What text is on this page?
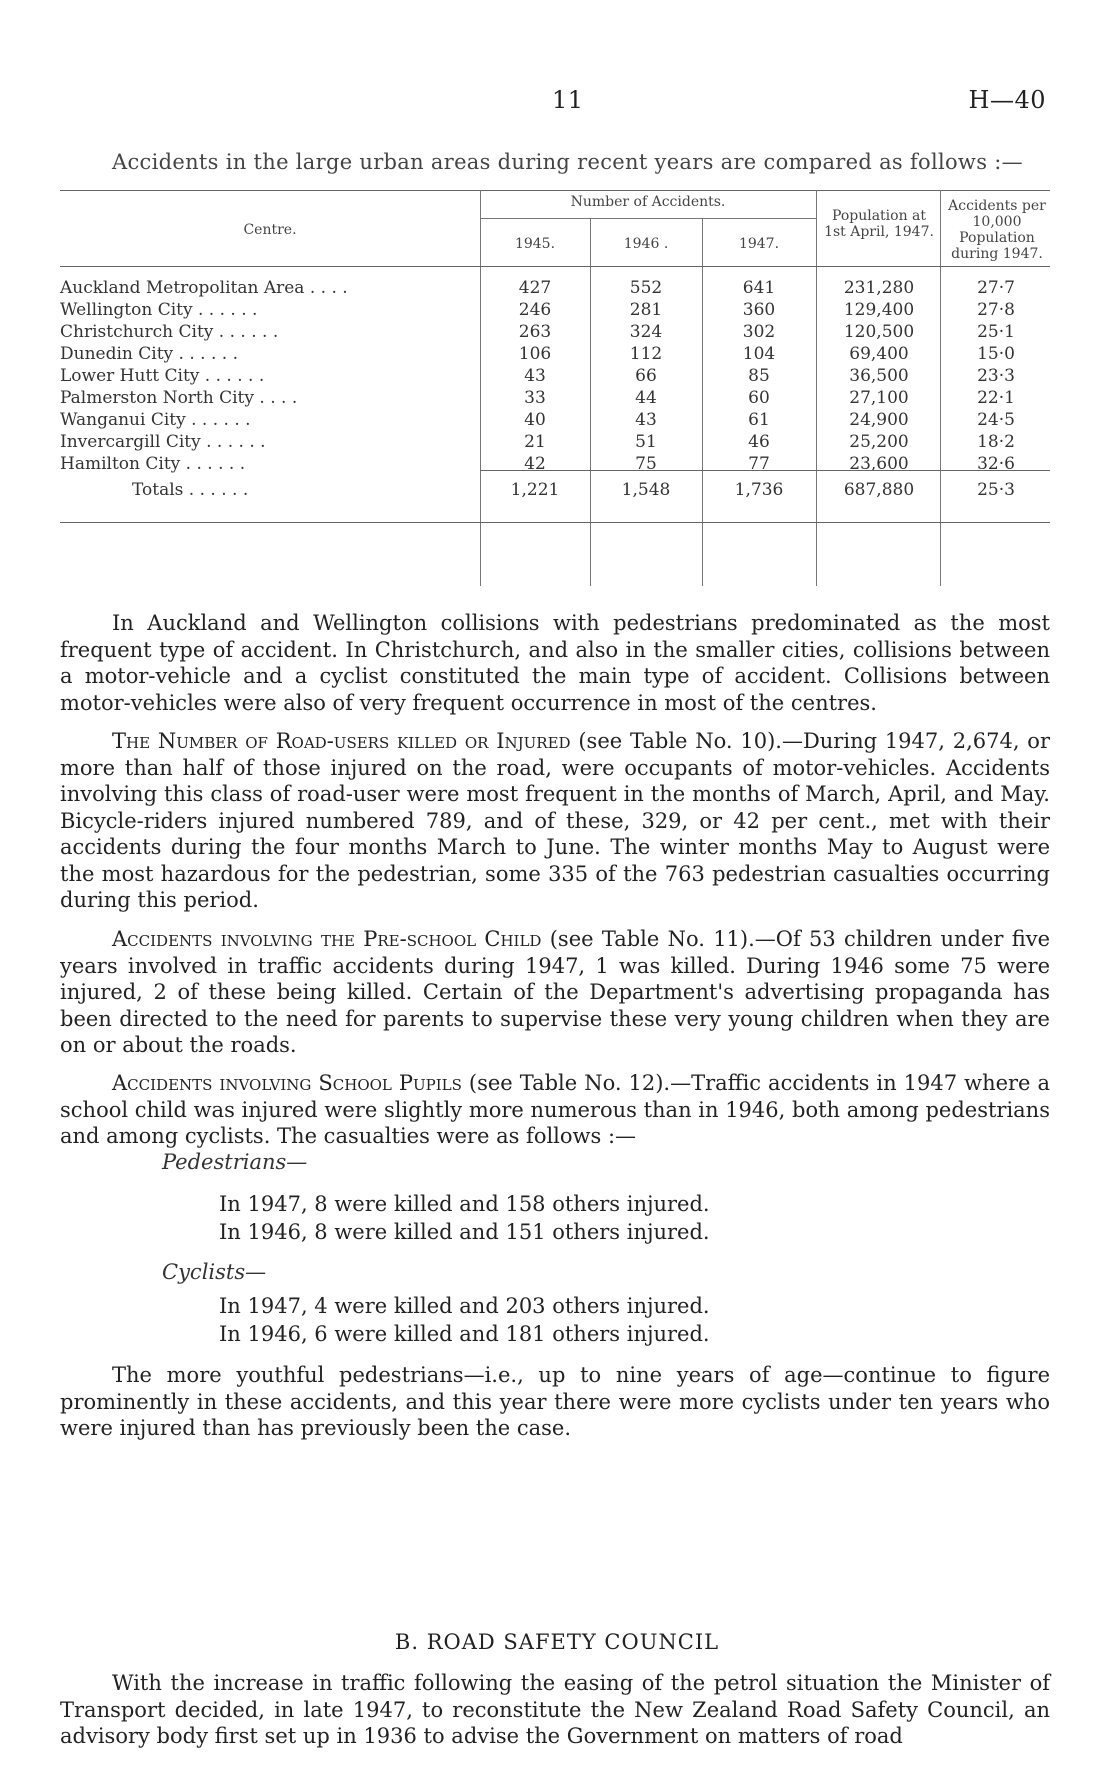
11	H—40
Accidents in the large urban areas during recent years are compared as follows :—
Centre.
Number of Accidents.
1945.	1946 .	1947.
Population at 1st April, 1947.
Accidents per 10,000 Population during 1947.
Auckland Metropolitan Area . . . .	427	552	641	231,280	27·7
Wellington City . . . . . .	246	281	360	129,400	27·8
Christchurch City . . . . . .	263	324	302	120,500	25·1
Dunedin City . . . . . .	106	112	104	69,400	15·0
Lower Hutt City . . . . . .	43	66	85	36,500	23·3
Palmerston North City . . . .	33	44	60	27,100	22·1
Wanganui City . . . . . .	40	43	61	24,900	24·5
Invercargill City . . . . . .	21	51	46	25,200	18·2
Hamilton City . . . . . .	42	75	77	23,600	32·6
Totals . . . . . .	1,221	1,548	1,736	687,880	25·3

In Auckland and Wellington collisions with pedestrians predominated as the most frequent type of accident. In Christchurch, and also in the smaller cities, collisions between a motor-vehicle and a cyclist constituted the main type of accident. Collisions between motor-vehicles were also of very frequent occurrence in most of the centres.

The Number of Road-users killed or Injured (see Table No. 10).—During 1947, 2,674, or more than half of those injured on the road, were occupants of motor-vehicles. Accidents involving this class of road-user were most frequent in the months of March, April, and May. Bicycle-riders injured numbered 789, and of these, 329, or 42 per cent., met with their accidents during the four months March to June. The winter months May to August were the most hazardous for the pedestrian, some 335 of the 763 pedestrian casualties occurring during this period.

Accidents involving the Pre-school Child (see Table No. 11).—Of 53 children under five years involved in traffic accidents during 1947, 1 was killed. During 1946 some 75 were injured, 2 of these being killed. Certain of the Department's advertising propaganda has been directed to the need for parents to supervise these very young children when they are on or about the roads.

Accidents involving School Pupils (see Table No. 12).—Traffic accidents in 1947 where a school child was injured were slightly more numerous than in 1946, both among pedestrians and among cyclists. The casualties were as follows :—

Pedestrians—
In 1947, 8 were killed and 158 others injured.
In 1946, 8 were killed and 151 others injured.
Cyclists—
In 1947, 4 were killed and 203 others injured.
In 1946, 6 were killed and 181 others injured.

The more youthful pedestrians—i.e., up to nine years of age—continue to figure prominently in these accidents, and this year there were more cyclists under ten years who were injured than has previously been the case.

B. ROAD SAFETY COUNCIL

With the increase in traffic following the easing of the petrol situation the Minister of Transport decided, in late 1947, to reconstitute the New Zealand Road Safety Council, an advisory body first set up in 1936 to advise the Government on matters of road
